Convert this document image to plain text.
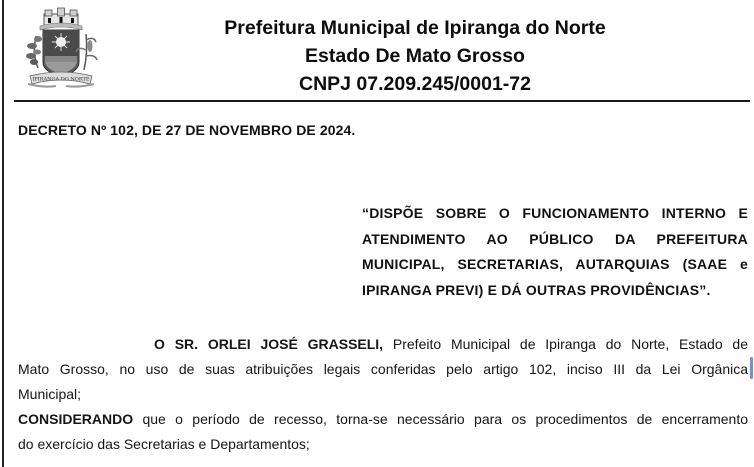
IPIRANGA DO NORTE
Prefeitura Municipal de Ipiranga do Norte
Estado De Mato Grosso
CNPJ 07.209.245/0001-72
DECRETO Nº 102, DE 27 DE NOVEMBRO DE 2024.
“DISPÕE SOBRE O FUNCIONAMENTO INTERNO E
ATENDIMENTO AO PÚBLICO DA PREFEITURA
MUNICIPAL, SECRETARIAS, AUTARQUIAS (SAAE e
IPIRANGA PREVI) E DÁ OUTRAS PROVIDÊNCIAS”.
O SR. ORLEI JOSÉ GRASSELI, Prefeito Municipal de Ipiranga do Norte, Estado de
Mato Grosso, no uso de suas atribuições legais conferidas pelo artigo 102, inciso III da Lei Orgânica
Municipal;
CONSIDERANDO que o período de recesso, torna-se necessário para os procedimentos de encerramento
do exercício das Secretarias e Departamentos;
